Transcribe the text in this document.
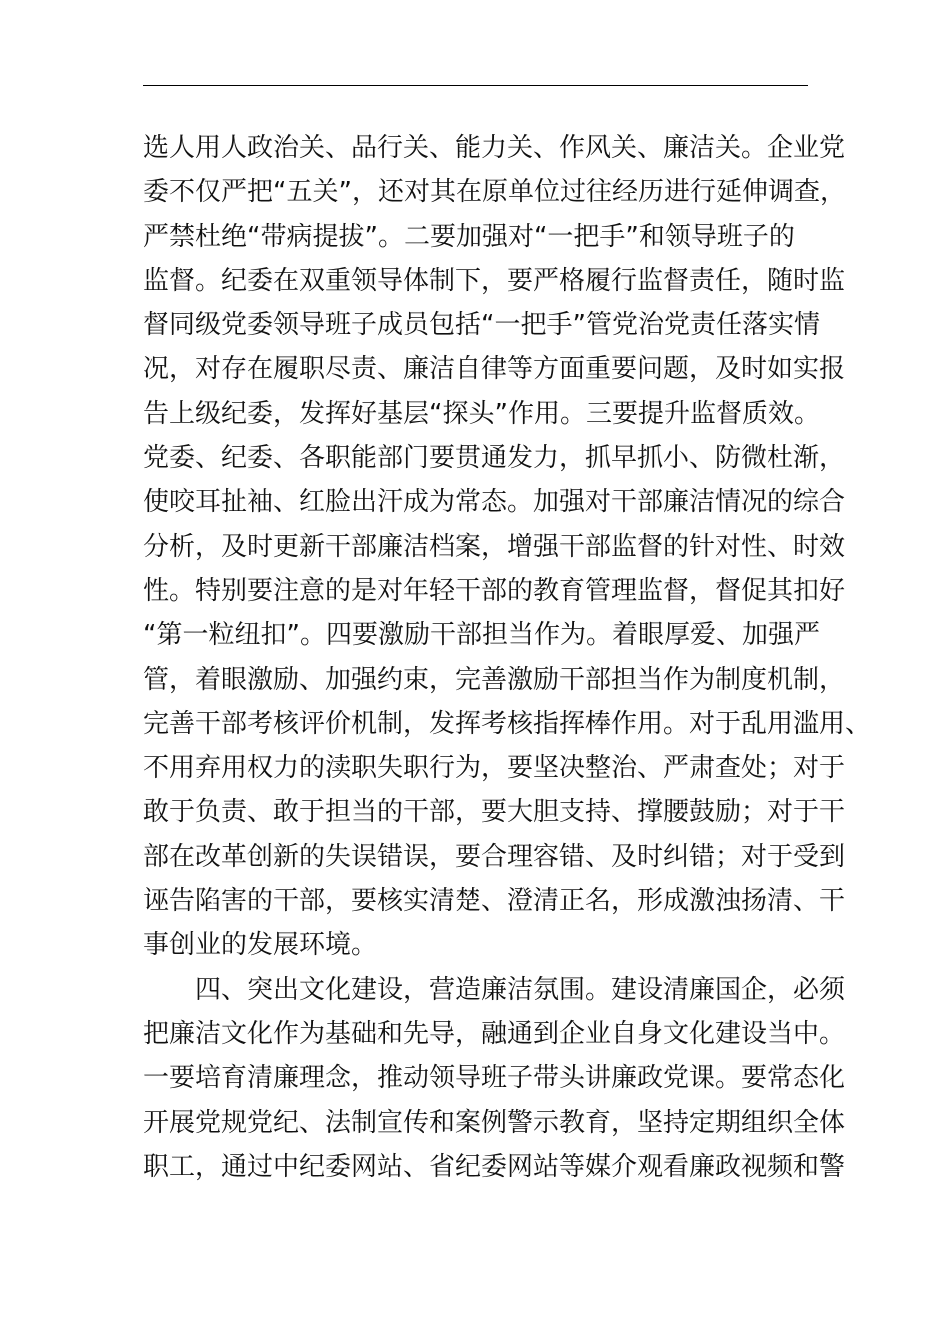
选人用人政治关、品行关、能力关、作风关、廉洁关。企业党
委不仅严把“五关”，还对其在原单位过往经历进行延伸调查，
严禁杜绝“带病提拔”。二要加强对“一把手”和领导班子的
监督。纪委在双重领导体制下，要严格履行监督责任，随时监
督同级党委领导班子成员包括“一把手”管党治党责任落实情
况，对存在履职尽责、廉洁自律等方面重要问题，及时如实报
告上级纪委，发挥好基层“探头”作用。三要提升监督质效。
党委、纪委、各职能部门要贯通发力，抓早抓小、防微杜渐，
使咬耳扯袖、红脸出汗成为常态。加强对干部廉洁情况的综合
分析，及时更新干部廉洁档案，增强干部监督的针对性、时效
性。特别要注意的是对年轻干部的教育管理监督，督促其扣好
“第一粒纽扣”。四要激励干部担当作为。着眼厚爱、加强严
管，着眼激励、加强约束，完善激励干部担当作为制度机制，
完善干部考核评价机制，发挥考核指挥棒作用。对于乱用滥用、
不用弃用权力的渎职失职行为，要坚决整治、严肃查处；对于
敢于负责、敢于担当的干部，要大胆支持、撑腰鼓励；对于干
部在改革创新的失误错误，要合理容错、及时纠错；对于受到
诬告陷害的干部，要核实清楚、澄清正名，形成激浊扬清、干
事创业的发展环境。
四、突出文化建设，营造廉洁氛围。建设清廉国企，必须
把廉洁文化作为基础和先导，融通到企业自身文化建设当中。
一要培育清廉理念，推动领导班子带头讲廉政党课。要常态化
开展党规党纪、法制宣传和案例警示教育，坚持定期组织全体
职工，通过中纪委网站、省纪委网站等媒介观看廉政视频和警
